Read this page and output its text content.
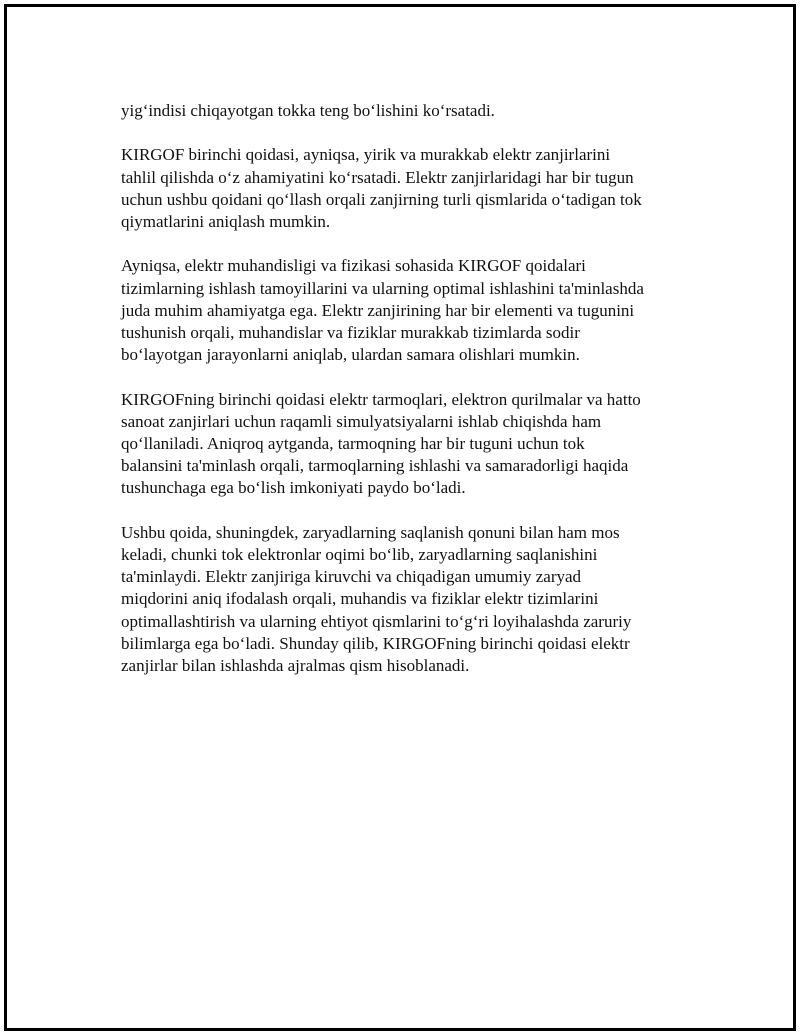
yig‘indisi chiqayotgan tokka teng bo‘lishini ko‘rsatadi.

KIRGOF birinchi qoidasi, ayniqsa, yirik va murakkab elektr zanjirlarini
tahlil qilishda o‘z ahamiyatini ko‘rsatadi. Elektr zanjirlaridagi har bir tugun
uchun ushbu qoidani qo‘llash orqali zanjirning turli qismlarida o‘tadigan tok
qiymatlarini aniqlash mumkin.

Ayniqsa, elektr muhandisligi va fizikasi sohasida KIRGOF qoidalari
tizimlarning ishlash tamoyillarini va ularning optimal ishlashini ta'minlashda
juda muhim ahamiyatga ega. Elektr zanjirining har bir elementi va tugunini
tushunish orqali, muhandislar va fiziklar murakkab tizimlarda sodir
bo‘layotgan jarayonlarni aniqlab, ulardan samara olishlari mumkin.

KIRGOFning birinchi qoidasi elektr tarmoqlari, elektron qurilmalar va hatto
sanoat zanjirlari uchun raqamli simulyatsiyalarni ishlab chiqishda ham
qo‘llaniladi. Aniqroq aytganda, tarmoqning har bir tuguni uchun tok
balansini ta'minlash orqali, tarmoqlarning ishlashi va samaradorligi haqida
tushunchaga ega bo‘lish imkoniyati paydo bo‘ladi.

Ushbu qoida, shuningdek, zaryadlarning saqlanish qonuni bilan ham mos
keladi, chunki tok elektronlar oqimi bo‘lib, zaryadlarning saqlanishini
ta'minlaydi. Elektr zanjiriga kiruvchi va chiqadigan umumiy zaryad
miqdorini aniq ifodalash orqali, muhandis va fiziklar elektr tizimlarini
optimallashtirish va ularning ehtiyot qismlarini to‘g‘ri loyihalashda zaruriy
bilimlarga ega bo‘ladi. Shunday qilib, KIRGOFning birinchi qoidasi elektr
zanjirlar bilan ishlashda ajralmas qism hisoblanadi.
